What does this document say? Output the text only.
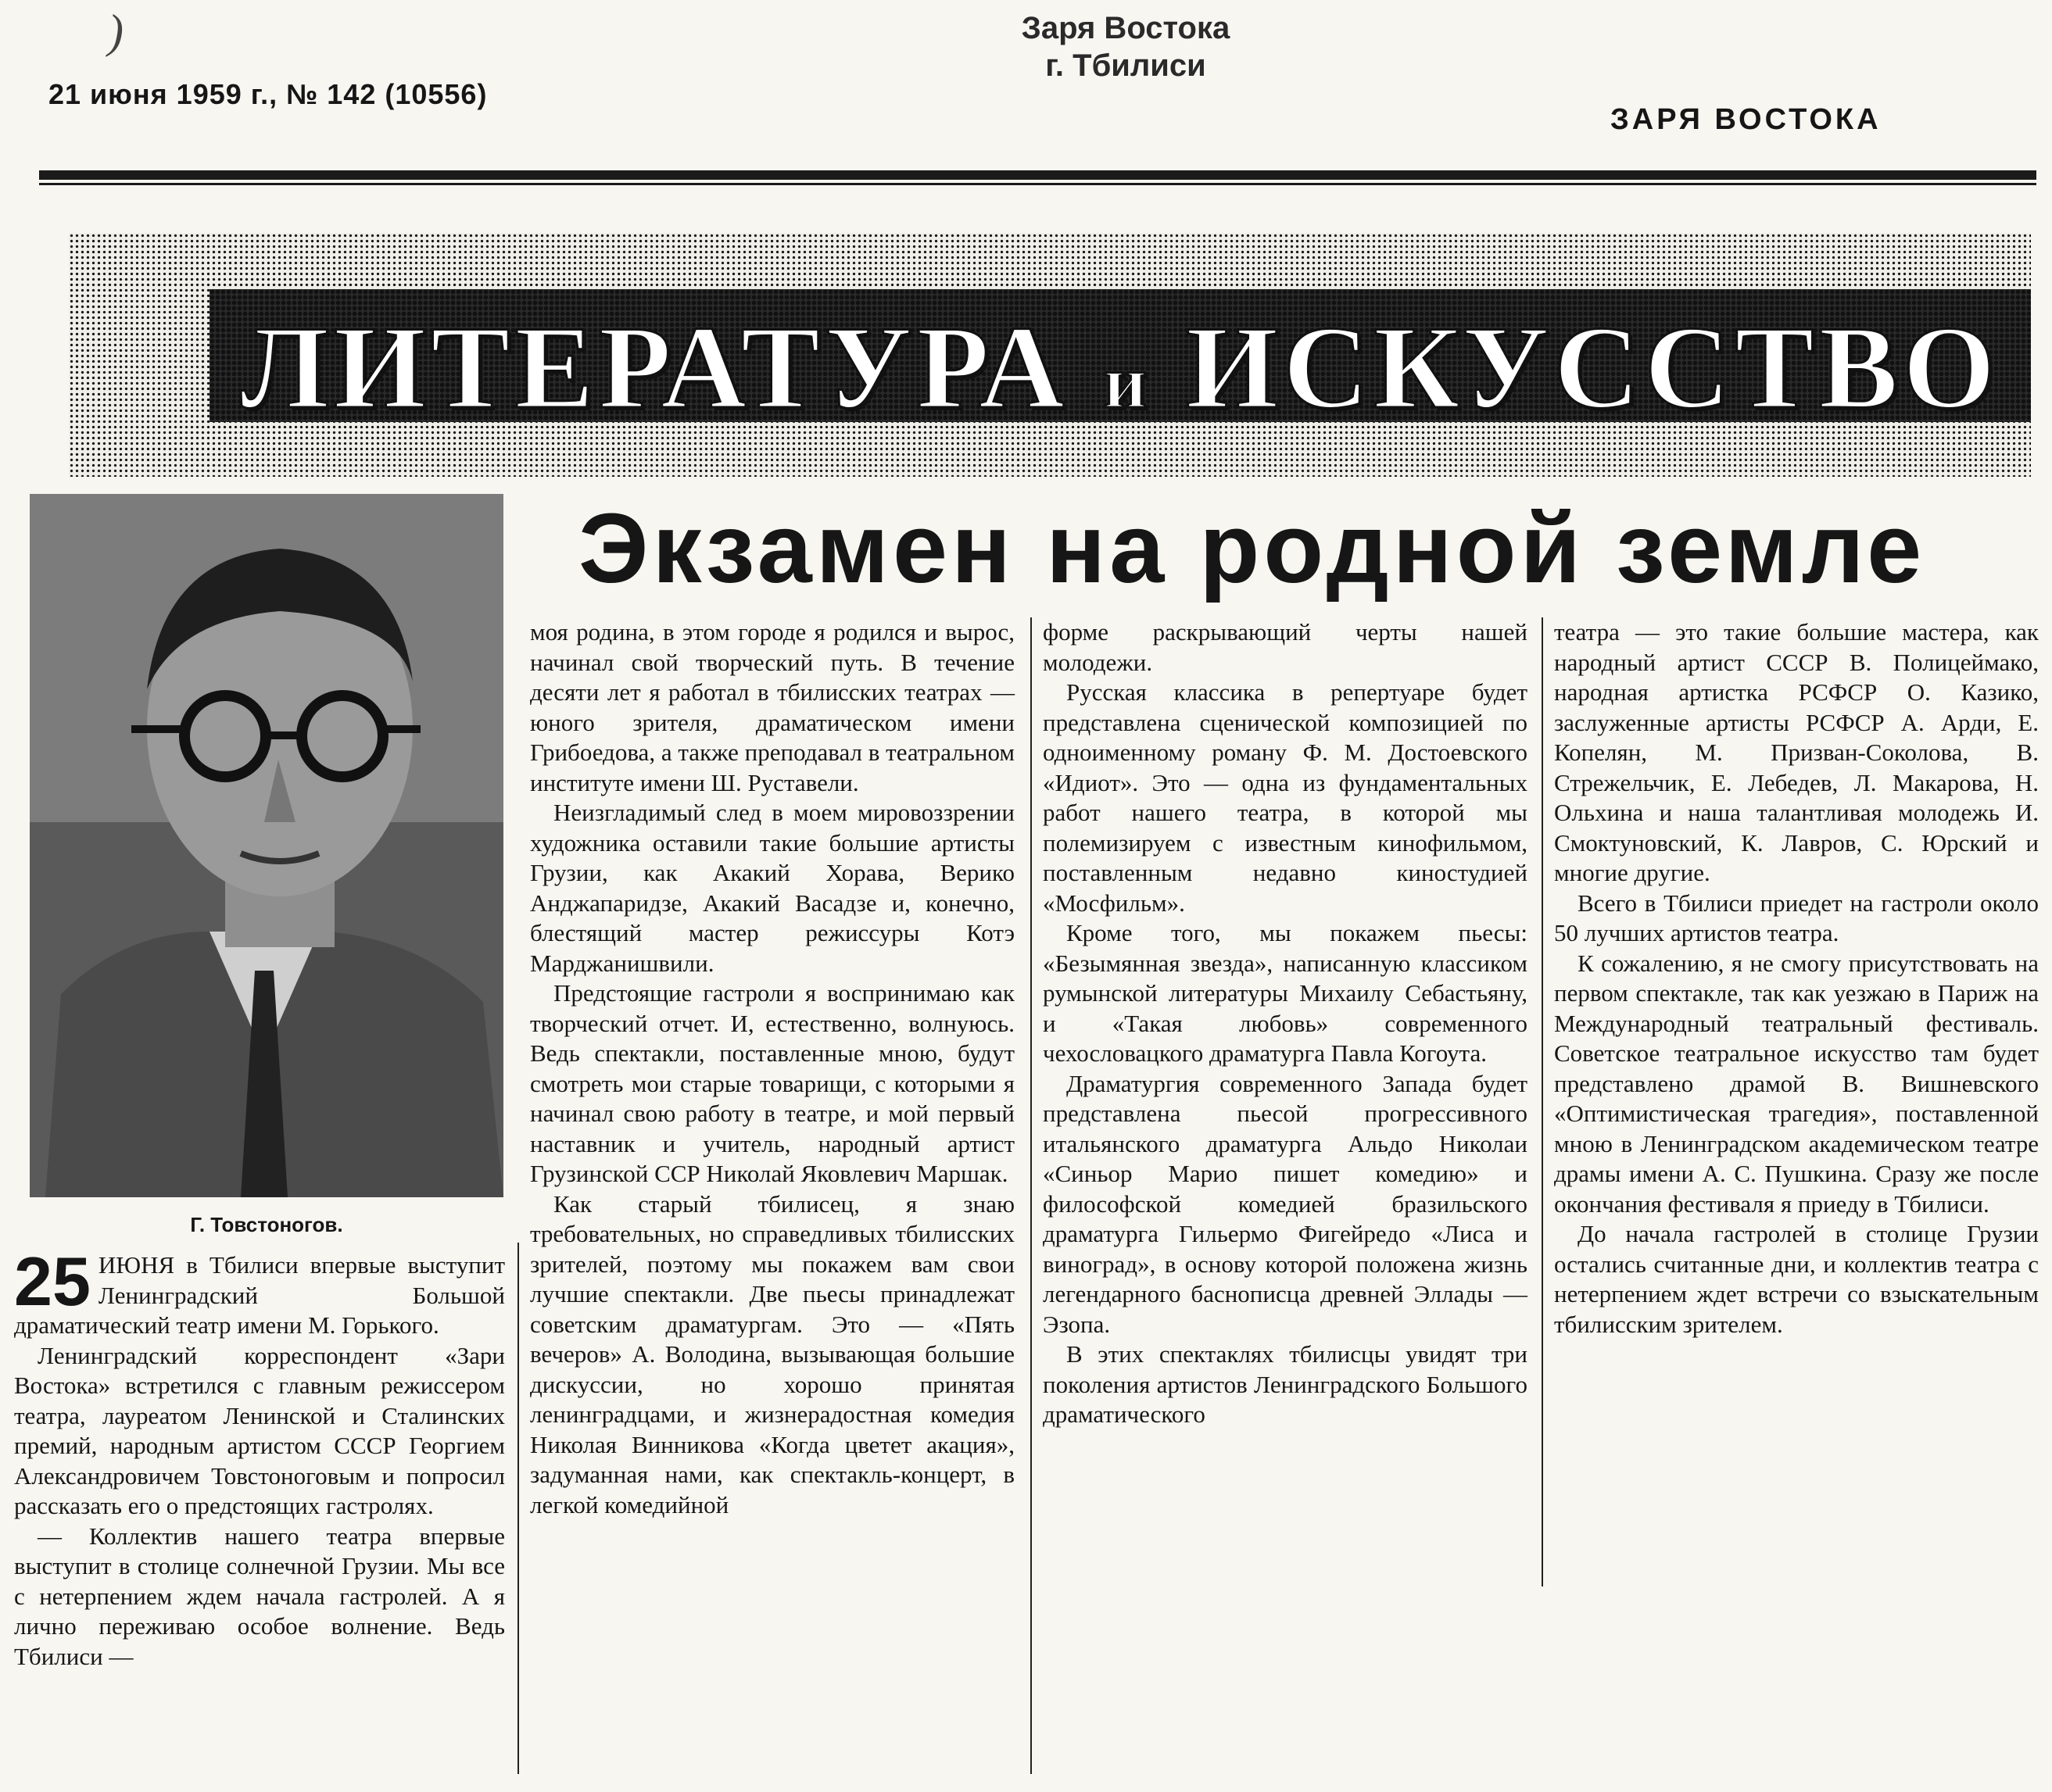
)
21 июня 1959 г., № 142 (10556)
Заря Востока
г. Тбилиси
ЗАРЯ ВОСТОКА
ЛИТЕРАТУРА и ИСКУССТВО
Экзамен на родной земле
Г. Товстоногов.
25 ИЮНЯ в Тбилиси впервые выступит Ленинградский Большой драматический театр имени М. Горького.

Ленинградский корреспондент «Зари Востока» встретился с главным режиссером театра, лауреатом Ленинской и Сталинских премий, народным артистом СССР Георгием Александровичем Товстоноговым и попросил рассказать его о предстоящих гастролях.

— Коллектив нашего театра впервые выступит в столице солнечной Грузии. Мы все с нетерпением ждем начала гастролей. А я лично переживаю особое волнение. Ведь Тбилиси —

моя родина, в этом городе я родился и вырос, начинал свой творческий путь. В течение десяти лет я работал в тбилисских театрах — юного зрителя, драматическом имени Грибоедова, а также преподавал в театральном институте имени Ш. Руставели.

Неизгладимый след в моем мировоззрении художника оставили такие большие артисты Грузии, как Акакий Хорава, Верико Анджапаридзе, Акакий Васадзе и, конечно, блестящий мастер режиссуры Котэ Марджанишвили.

Предстоящие гастроли я воспринимаю как творческий отчет. И, естественно, волнуюсь. Ведь спектакли, поставленные мною, будут смотреть мои старые товарищи, с которыми я начинал свою работу в театре, и мой первый наставник и учитель, народный артист Грузинской ССР Николай Яковлевич Маршак.

Как старый тбилисец, я знаю требовательных, но справедливых тбилисских зрителей, поэтому мы покажем вам свои лучшие спектакли. Две пьесы принадлежат советским драматургам. Это — «Пять вечеров» А. Володина, вызывающая большие дискуссии, но хорошо принятая ленинградцами, и жизнерадостная комедия Николая Винникова «Когда цветет акация», задуманная нами, как спектакль-концерт, в легкой комедийной

форме раскрывающий черты нашей молодежи.

Русская классика в репертуаре будет представлена сценической композицией по одноименному роману Ф. М. Достоевского «Идиот». Это — одна из фундаментальных работ нашего театра, в которой мы полемизируем с известным кинофильмом, поставленным недавно киностудией «Мосфильм».

Кроме того, мы покажем пьесы: «Безымянная звезда», написанную классиком румынской литературы Михаилу Себастьяну, и «Такая любовь» современного чехословацкого драматурга Павла Когоута.

Драматургия современного Запада будет представлена пьесой прогрессивного итальянского драматурга Альдо Николаи «Синьор Марио пишет комедию» и философской комедией бразильского драматурга Гильермо Фигейредо «Лиса и виноград», в основу которой положена жизнь легендарного баснописца древней Эллады — Эзопа.

В этих спектаклях тбилисцы увидят три поколения артистов Ленинградского Большого драматического

театра — это такие большие мастера, как народный артист СССР В. Полицеймако, народная артистка РСФСР О. Казико, заслуженные артисты РСФСР А. Арди, Е. Копелян, М. Призван-Соколова, В. Стрежельчик, Е. Лебедев, Л. Макарова, Н. Ольхина и наша талантливая молодежь И. Смоктуновский, К. Лавров, С. Юрский и многие другие.

Всего в Тбилиси приедет на гастроли около 50 лучших артистов театра.

К сожалению, я не смогу присутствовать на первом спектакле, так как уезжаю в Париж на Международный театральный фестиваль. Советское театральное искусство там будет представлено драмой В. Вишневского «Оптимистическая трагедия», поставленной мною в Ленинградском академическом театре драмы имени А. С. Пушкина. Сразу же после окончания фестиваля я приеду в Тбилиси.

До начала гастролей в столице Грузии остались считанные дни, и коллектив театра с нетерпением ждет встречи со взыскательным тбилисским зрителем.
